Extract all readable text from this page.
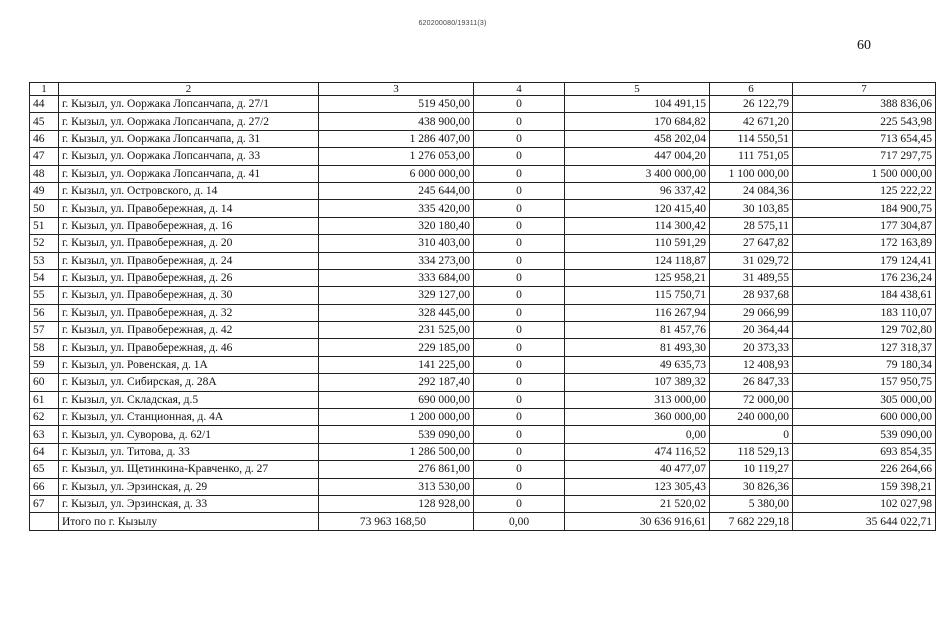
620200080/19311(3)
60
1	2	3	4	5	6	7
44	г. Кызыл, ул. Ооржака Лопсанчапа, д. 27/1	519 450,00	0	104 491,15	26 122,79	388 836,06
45	г. Кызыл, ул. Ооржака Лопсанчапа, д. 27/2	438 900,00	0	170 684,82	42 671,20	225 543,98
46	г. Кызыл, ул. Ооржака Лопсанчапа, д. 31	1 286 407,00	0	458 202,04	114 550,51	713 654,45
47	г. Кызыл, ул. Ооржака Лопсанчапа, д. 33	1 276 053,00	0	447 004,20	111 751,05	717 297,75
48	г. Кызыл, ул. Ооржака Лопсанчапа, д. 41	6 000 000,00	0	3 400 000,00	1 100 000,00	1 500 000,00
49	г. Кызыл, ул. Островского, д. 14	245 644,00	0	96 337,42	24 084,36	125 222,22
50	г. Кызыл, ул. Правобережная, д. 14	335 420,00	0	120 415,40	30 103,85	184 900,75
51	г. Кызыл, ул. Правобережная, д. 16	320 180,40	0	114 300,42	28 575,11	177 304,87
52	г. Кызыл, ул. Правобережная, д. 20	310 403,00	0	110 591,29	27 647,82	172 163,89
53	г. Кызыл, ул. Правобережная, д. 24	334 273,00	0	124 118,87	31 029,72	179 124,41
54	г. Кызыл, ул. Правобережная, д. 26	333 684,00	0	125 958,21	31 489,55	176 236,24
55	г. Кызыл, ул. Правобережная, д. 30	329 127,00	0	115 750,71	28 937,68	184 438,61
56	г. Кызыл, ул. Правобережная, д. 32	328 445,00	0	116 267,94	29 066,99	183 110,07
57	г. Кызыл, ул. Правобережная, д. 42	231 525,00	0	81 457,76	20 364,44	129 702,80
58	г. Кызыл, ул. Правобережная, д. 46	229 185,00	0	81 493,30	20 373,33	127 318,37
59	г. Кызыл, ул. Ровенская, д. 1А	141 225,00	0	49 635,73	12 408,93	79 180,34
60	г. Кызыл, ул. Сибирская, д. 28А	292 187,40	0	107 389,32	26 847,33	157 950,75
61	г. Кызыл, ул. Складская, д.5	690 000,00	0	313 000,00	72 000,00	305 000,00
62	г. Кызыл, ул. Станционная, д. 4А	1 200 000,00	0	360 000,00	240 000,00	600 000,00
63	г. Кызыл, ул. Суворова, д. 62/1	539 090,00	0	0,00	0	539 090,00
64	г. Кызыл, ул. Титова, д. 33	1 286 500,00	0	474 116,52	118 529,13	693 854,35
65	г. Кызыл, ул. Щетинкина-Кравченко, д. 27	276 861,00	0	40 477,07	10 119,27	226 264,66
66	г. Кызыл, ул. Эрзинская, д. 29	313 530,00	0	123 305,43	30 826,36	159 398,21
67	г. Кызыл, ул. Эрзинская, д. 33	128 928,00	0	21 520,02	5 380,00	102 027,98
	Итого по г. Кызылу	73 963 168,50	0,00	30 636 916,61	7 682 229,18	35 644 022,71
